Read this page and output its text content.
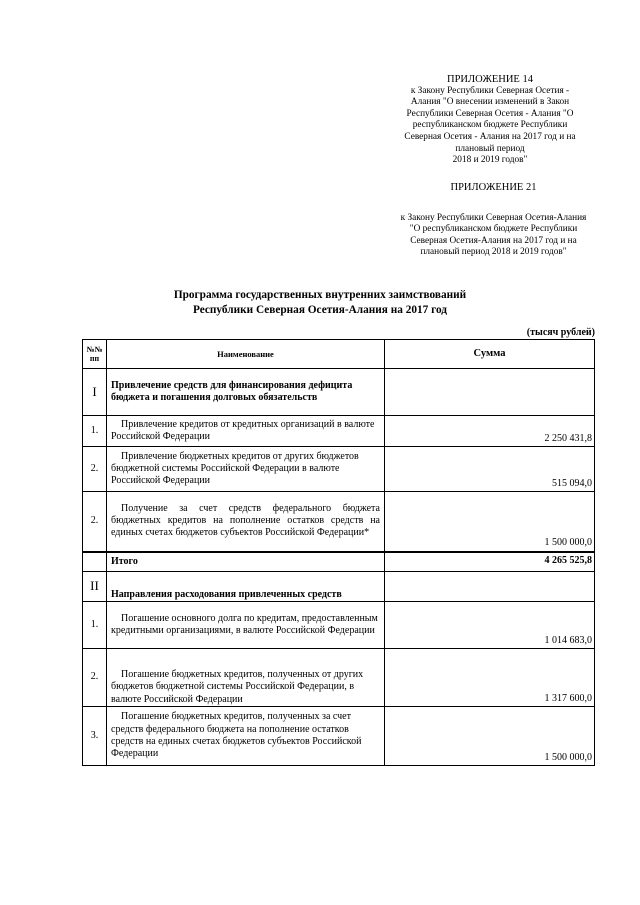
ПРИЛОЖЕНИЕ 14
к Закону Республики Северная Осетия -
Алания "О внесении изменений в Закон
Республики Северная Осетия - Алания "О
республиканском бюджете Республики
Северная Осетия - Алания на 2017 год и на
плановый период
2018 и 2019 годов"
ПРИЛОЖЕНИЕ 21
к Закону Республики Северная Осетия-Алания
"О республиканском бюджете Республики
Северная Осетия-Алания на 2017 год и на
плановый период 2018 и 2019 годов"
Программа государственных внутренних заимствований
Республики Северная Осетия-Алания на 2017 год
(тысяч рублей)
№№ пп	Наименование	Сумма
I	Привлечение средств для финансирования дефицита бюджета и погашения долговых обязательств	
1.	Привлечение кредитов от кредитных организаций в валюте Российской Федерации	2 250 431,8
2.	Привлечение бюджетных кредитов от других бюджетов бюджетной системы Российской Федерации в валюте Российской Федерации	515 094,0
2.	Получение за счет средств федерального бюджета бюджетных кредитов на пополнение остатков средств на единых счетах бюджетов субъектов Российской Федерации*	1 500 000,0
	Итого	4 265 525,8
II	Направления расходования привлеченных средств	
1.	Погашение основного долга по кредитам, предоставленным кредитными организациями, в валюте Российской Федерации	1 014 683,0
2.	Погашение бюджетных кредитов, полученных от других бюджетов бюджетной системы Российской Федерации, в валюте Российской Федерации	1 317 600,0
3.	Погашение бюджетных кредитов, полученных за счет средств федерального бюджета на пополнение остатков средств на единых счетах бюджетов субъектов Российской Федерации	1 500 000,0
